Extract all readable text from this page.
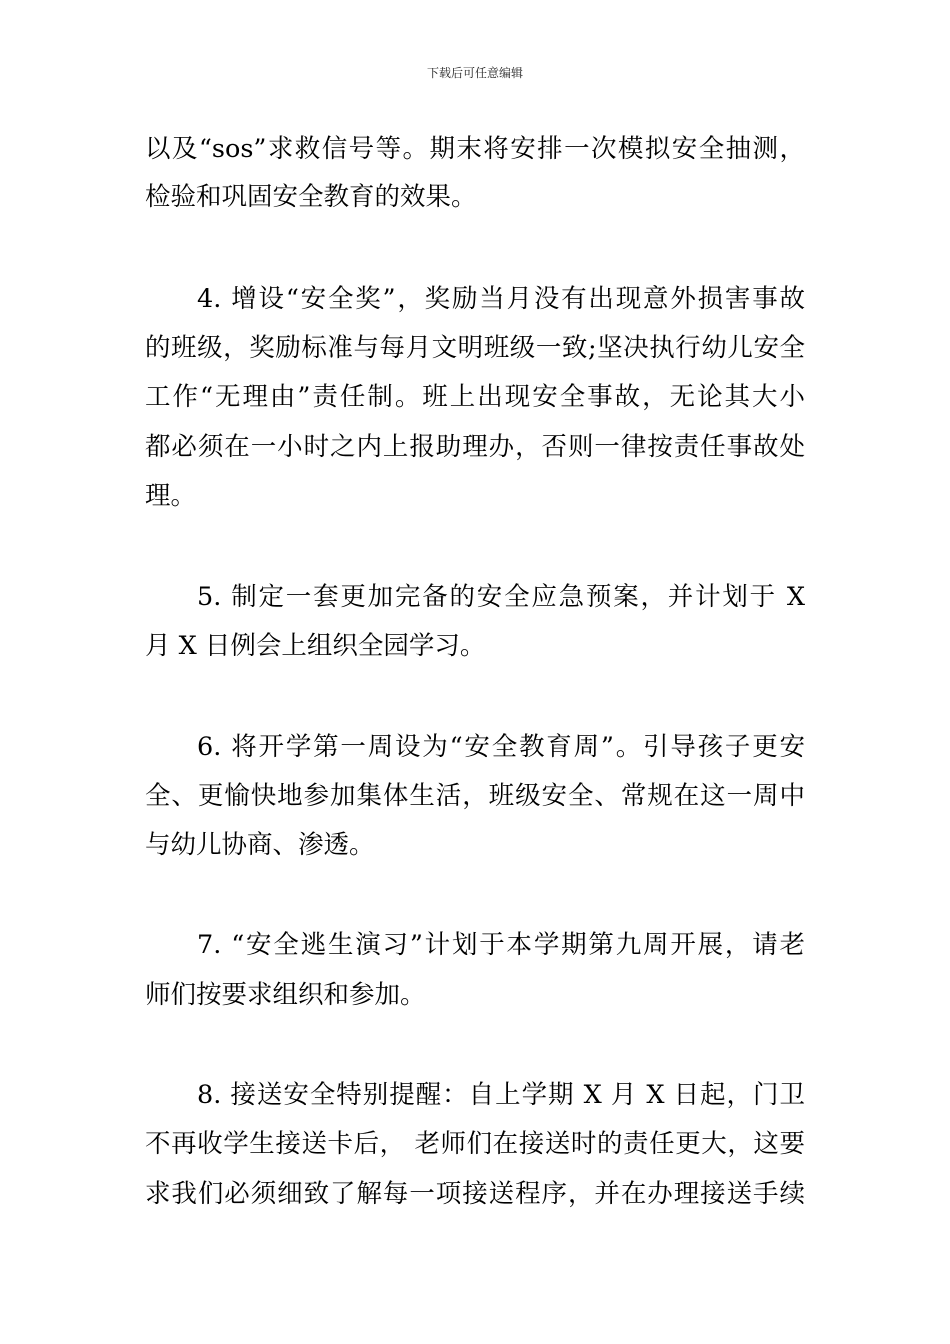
下载后可任意编辑
以及“sos”求救信号等。期末将安排一次模拟安全抽测，
检验和巩固安全教育的效果。
4. 增设“安全奖”，奖励当月没有出现意外损害事故
的班级，奖励标准与每月文明班级一致;坚决执行幼儿安全
工作“无理由”责任制。班上出现安全事故，无论其大小
都必须在一小时之内上报助理办，否则一律按责任事故处
理。
5. 制定一套更加完备的安全应急预案，并计划于 X
月 X 日例会上组织全园学习。
6. 将开学第一周设为“安全教育周”。引导孩子更安
全、更愉快地参加集体生活，班级安全、常规在这一周中
与幼儿协商、渗透。
7. “安全逃生演习”计划于本学期第九周开展，请老
师们按要求组织和参加。
8. 接送安全特别提醒：自上学期 X 月 X 日起，门卫
不再收学生接送卡后， 老师们在接送时的责任更大，这要
求我们必须细致了解每一项接送程序，并在办理接送手续
